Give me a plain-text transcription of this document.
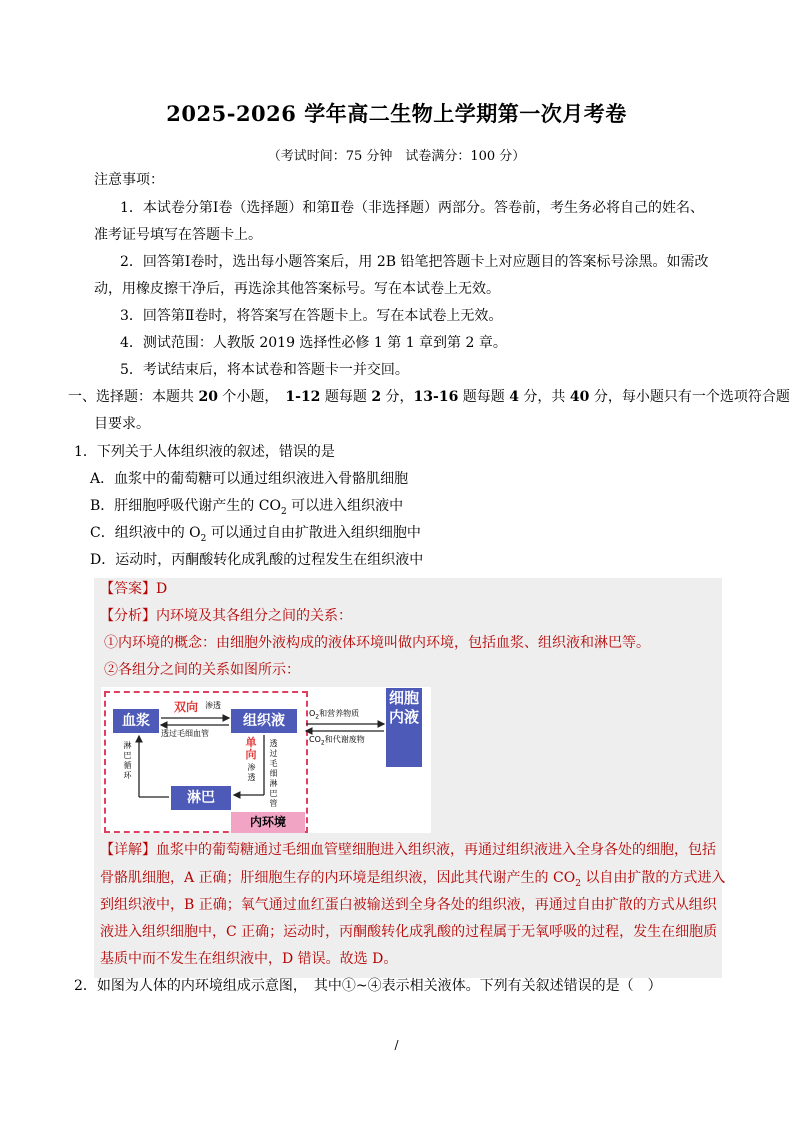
2025-2026 学年高二生物上学期第一次月考卷
（考试时间：75 分钟　试卷满分：100 分）
注意事项：
1．本试卷分第Ⅰ卷（选择题）和第Ⅱ卷（非选择题）两部分。答卷前，考生务必将自己的姓名、
准考证号填写在答题卡上。
2．回答第Ⅰ卷时，选出每小题答案后，用 2B 铅笔把答题卡上对应题目的答案标号涂黑。如需改
动，用橡皮擦干净后，再选涂其他答案标号。写在本试卷上无效。
3．回答第Ⅱ卷时，将答案写在答题卡上。写在本试卷上无效。
4．测试范围：人教版 2019 选择性必修 1 第 1 章到第 2 章。
5．考试结束后，将本试卷和答题卡一并交回。
一、选择题：本题共 20 个小题，　1-12 题每题 2 分，13-16 题每题 4 分，共 40 分，每小题只有一个选项符合题
目要求。
1．下列关于人体组织液的叙述，错误的是
A．血浆中的葡萄糖可以通过组织液进入骨骼肌细胞
B．肝细胞呼吸代谢产生的 $CO_2$ 可以进入组织液中
C．组织液中的 $O_2$ 可以通过自由扩散进入组织细胞中
D．运动时，丙酮酸转化成乳酸的过程发生在组织液中
【答案】D
【分析】内环境及其各组分之间的关系：
①内环境的概念：由细胞外液构成的液体环境叫做内环境，包括血浆、组织液和淋巴等。
②各组分之间的关系如图所示：
血浆	组织液
淋巴
细胞内液
双向 渗透
透过毛细血管
单向
渗透
透过毛细淋巴管
淋巴循环
$O_2$和营养物质
$CO_2$和代谢废物
内环境
【详解】血浆中的葡萄糖通过毛细血管壁细胞进入组织液，再通过组织液进入全身各处的细胞，包括
骨骼肌细胞，A 正确；肝细胞生存的内环境是组织液，因此其代谢产生的 $CO_2$ 以自由扩散的方式进入
到组织液中，B 正确；氧气通过血红蛋白被输送到全身各处的组织液，再通过自由扩散的方式从组织
液进入组织细胞中，C 正确；运动时，丙酮酸转化成乳酸的过程属于无氧呼吸的过程，发生在细胞质
基质中而不发生在组织液中，D 错误。故选 D。
2．如图为人体的内环境组成示意图，　其中①~④表示相关液体。下列有关叙述错误的是（　）
/
